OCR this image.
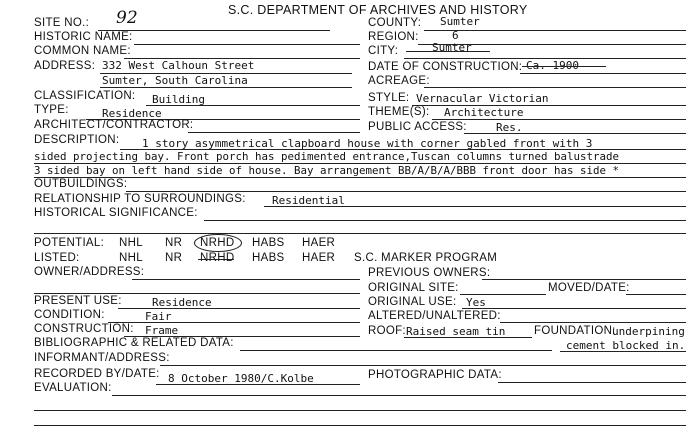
S.C. DEPARTMENT OF ARCHIVES AND HISTORY
SITE NO.: 92	COUNTY: Sumter
HISTORIC NAME:	REGION:	6
COMMON NAME:	CITY:	Sumter
ADDRESS: 332 West Calhoun Street
Sumter, South Carolina
DATE OF CONSTRUCTION: Ca. 1900
ACREAGE:
CLASSIFICATION: Building	STYLE: Vernacular Victorian
TYPE:	Residence	THEME(S): Architecture
ARCHITECT/CONTRACTOR:	PUBLIC ACCESS:	Res.
DESCRIPTION: 1 story asymmetrical clapboard house with corner gabled front with 3
sided projecting bay. Front porch has pedimented entrance,Tuscan columns turned balustrade
3 sided bay on left hand side of house. Bay arrangement BB/A/B/A/BBB front door has side *
OUTBUILDINGS:
RELATIONSHIP TO SURROUNDINGS: Residential
HISTORICAL SIGNIFICANCE:
POTENTIAL: NHL NR NRHD HABS HAER
LISTED:	NHL NR NRHD HABS HAER S.C. MARKER PROGRAM
OWNER/ADDRESS:	PREVIOUS OWNERS:
ORIGINAL SITE:	MOVED/DATE:
PRESENT USE:	Residence	ORIGINAL USE: Yes
CONDITION:	Fair	ALTERED/UNALTERED:
CONSTRUCTION: Frame	ROOF: Raised seam tin FOUNDATION:
underpining
cement blocked in.
BIBLIOGRAPHIC & RELATED DATA:
INFORMANT/ADDRESS:
RECORDED BY/DATE: 8 October 1980/C.Kolbe	PHOTOGRAPHIC DATA:
EVALUATION:
